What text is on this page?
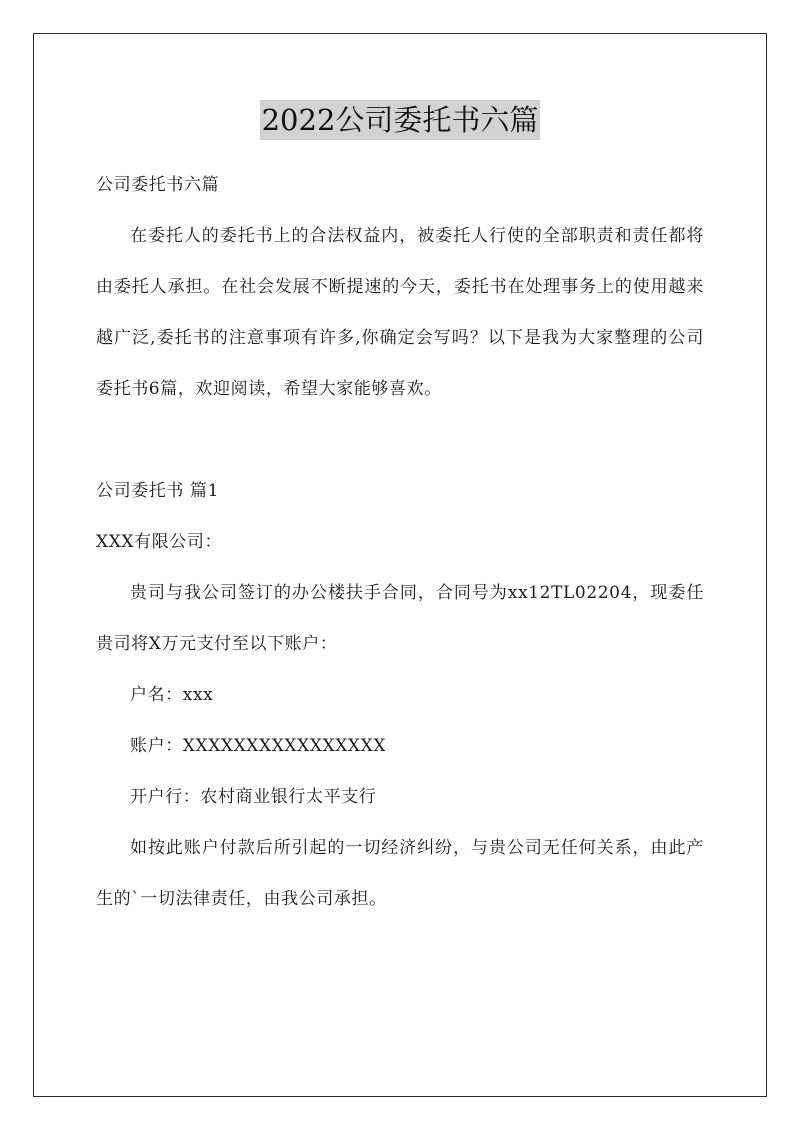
2022公司委托书六篇

公司委托书六篇

在委托人的委托书上的合法权益内，被委托人行使的全部职责和责任都将由委托人承担。在社会发展不断提速的今天，委托书在处理事务上的使用越来越广泛,委托书的注意事项有许多,你确定会写吗？以下是我为大家整理的公司委托书6篇，欢迎阅读，希望大家能够喜欢。

公司委托书 篇1

XXX有限公司：

贵司与我公司签订的办公楼扶手合同，合同号为xx12TL02204，现委任贵司将X万元支付至以下账户：

户名：xxx

账户：XXXXXXXXXXXXXXXX

开户行：农村商业银行太平支行

如按此账户付款后所引起的一切经济纠纷，与贵公司无任何关系，由此产生的`一切法律责任，由我公司承担。
